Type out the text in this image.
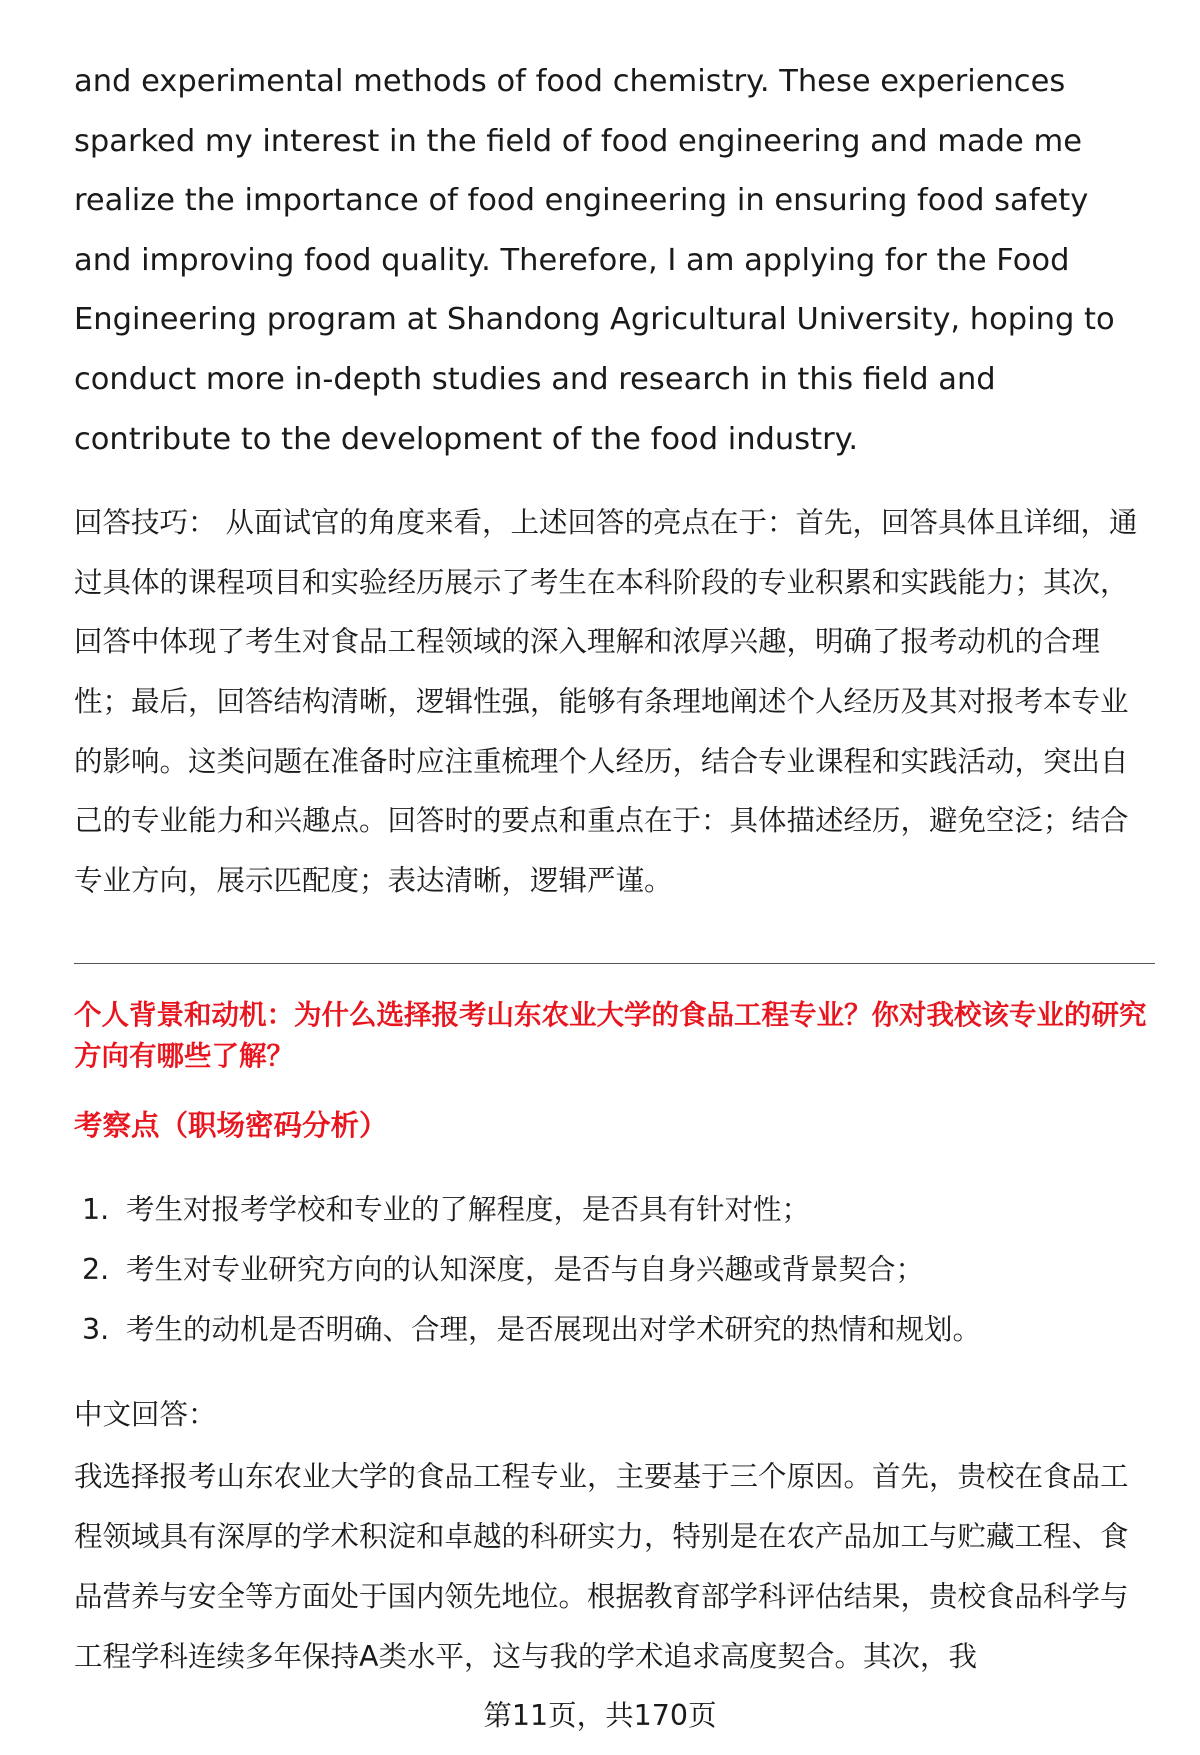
and experimental methods of food chemistry. These experiences sparked my interest in the field of food engineering and made me realize the importance of food engineering in ensuring food safety and improving food quality. Therefore, I am applying for the Food Engineering program at Shandong Agricultural University, hoping to conduct more in-depth studies and research in this field and contribute to the development of the food industry.

回答技巧： 从面试官的角度来看，上述回答的亮点在于：首先，回答具体且详细，通过具体的课程项目和实验经历展示了考生在本科阶段的专业积累和实践能力；其次，回答中体现了考生对食品工程领域的深入理解和浓厚兴趣，明确了报考动机的合理性；最后，回答结构清晰，逻辑性强，能够有条理地阐述个人经历及其对报考本专业的影响。这类问题在准备时应注重梳理个人经历，结合专业课程和实践活动，突出自己的专业能力和兴趣点。回答时的要点和重点在于：具体描述经历，避免空泛；结合专业方向，展示匹配度；表达清晰，逻辑严谨。

个人背景和动机：为什么选择报考山东农业大学的食品工程专业？你对我校该专业的研究方向有哪些了解？

考察点（职场密码分析）

1. 考生对报考学校和专业的了解程度，是否具有针对性；
2. 考生对专业研究方向的认知深度，是否与自身兴趣或背景契合；
3. 考生的动机是否明确、合理，是否展现出对学术研究的热情和规划。

中文回答：

我选择报考山东农业大学的食品工程专业，主要基于三个原因。首先，贵校在食品工程领域具有深厚的学术积淀和卓越的科研实力，特别是在农产品加工与贮藏工程、食品营养与安全等方面处于国内领先地位。根据教育部学科评估结果，贵校食品科学与工程学科连续多年保持A类水平，这与我的学术追求高度契合。其次，我

第11页，共170页
